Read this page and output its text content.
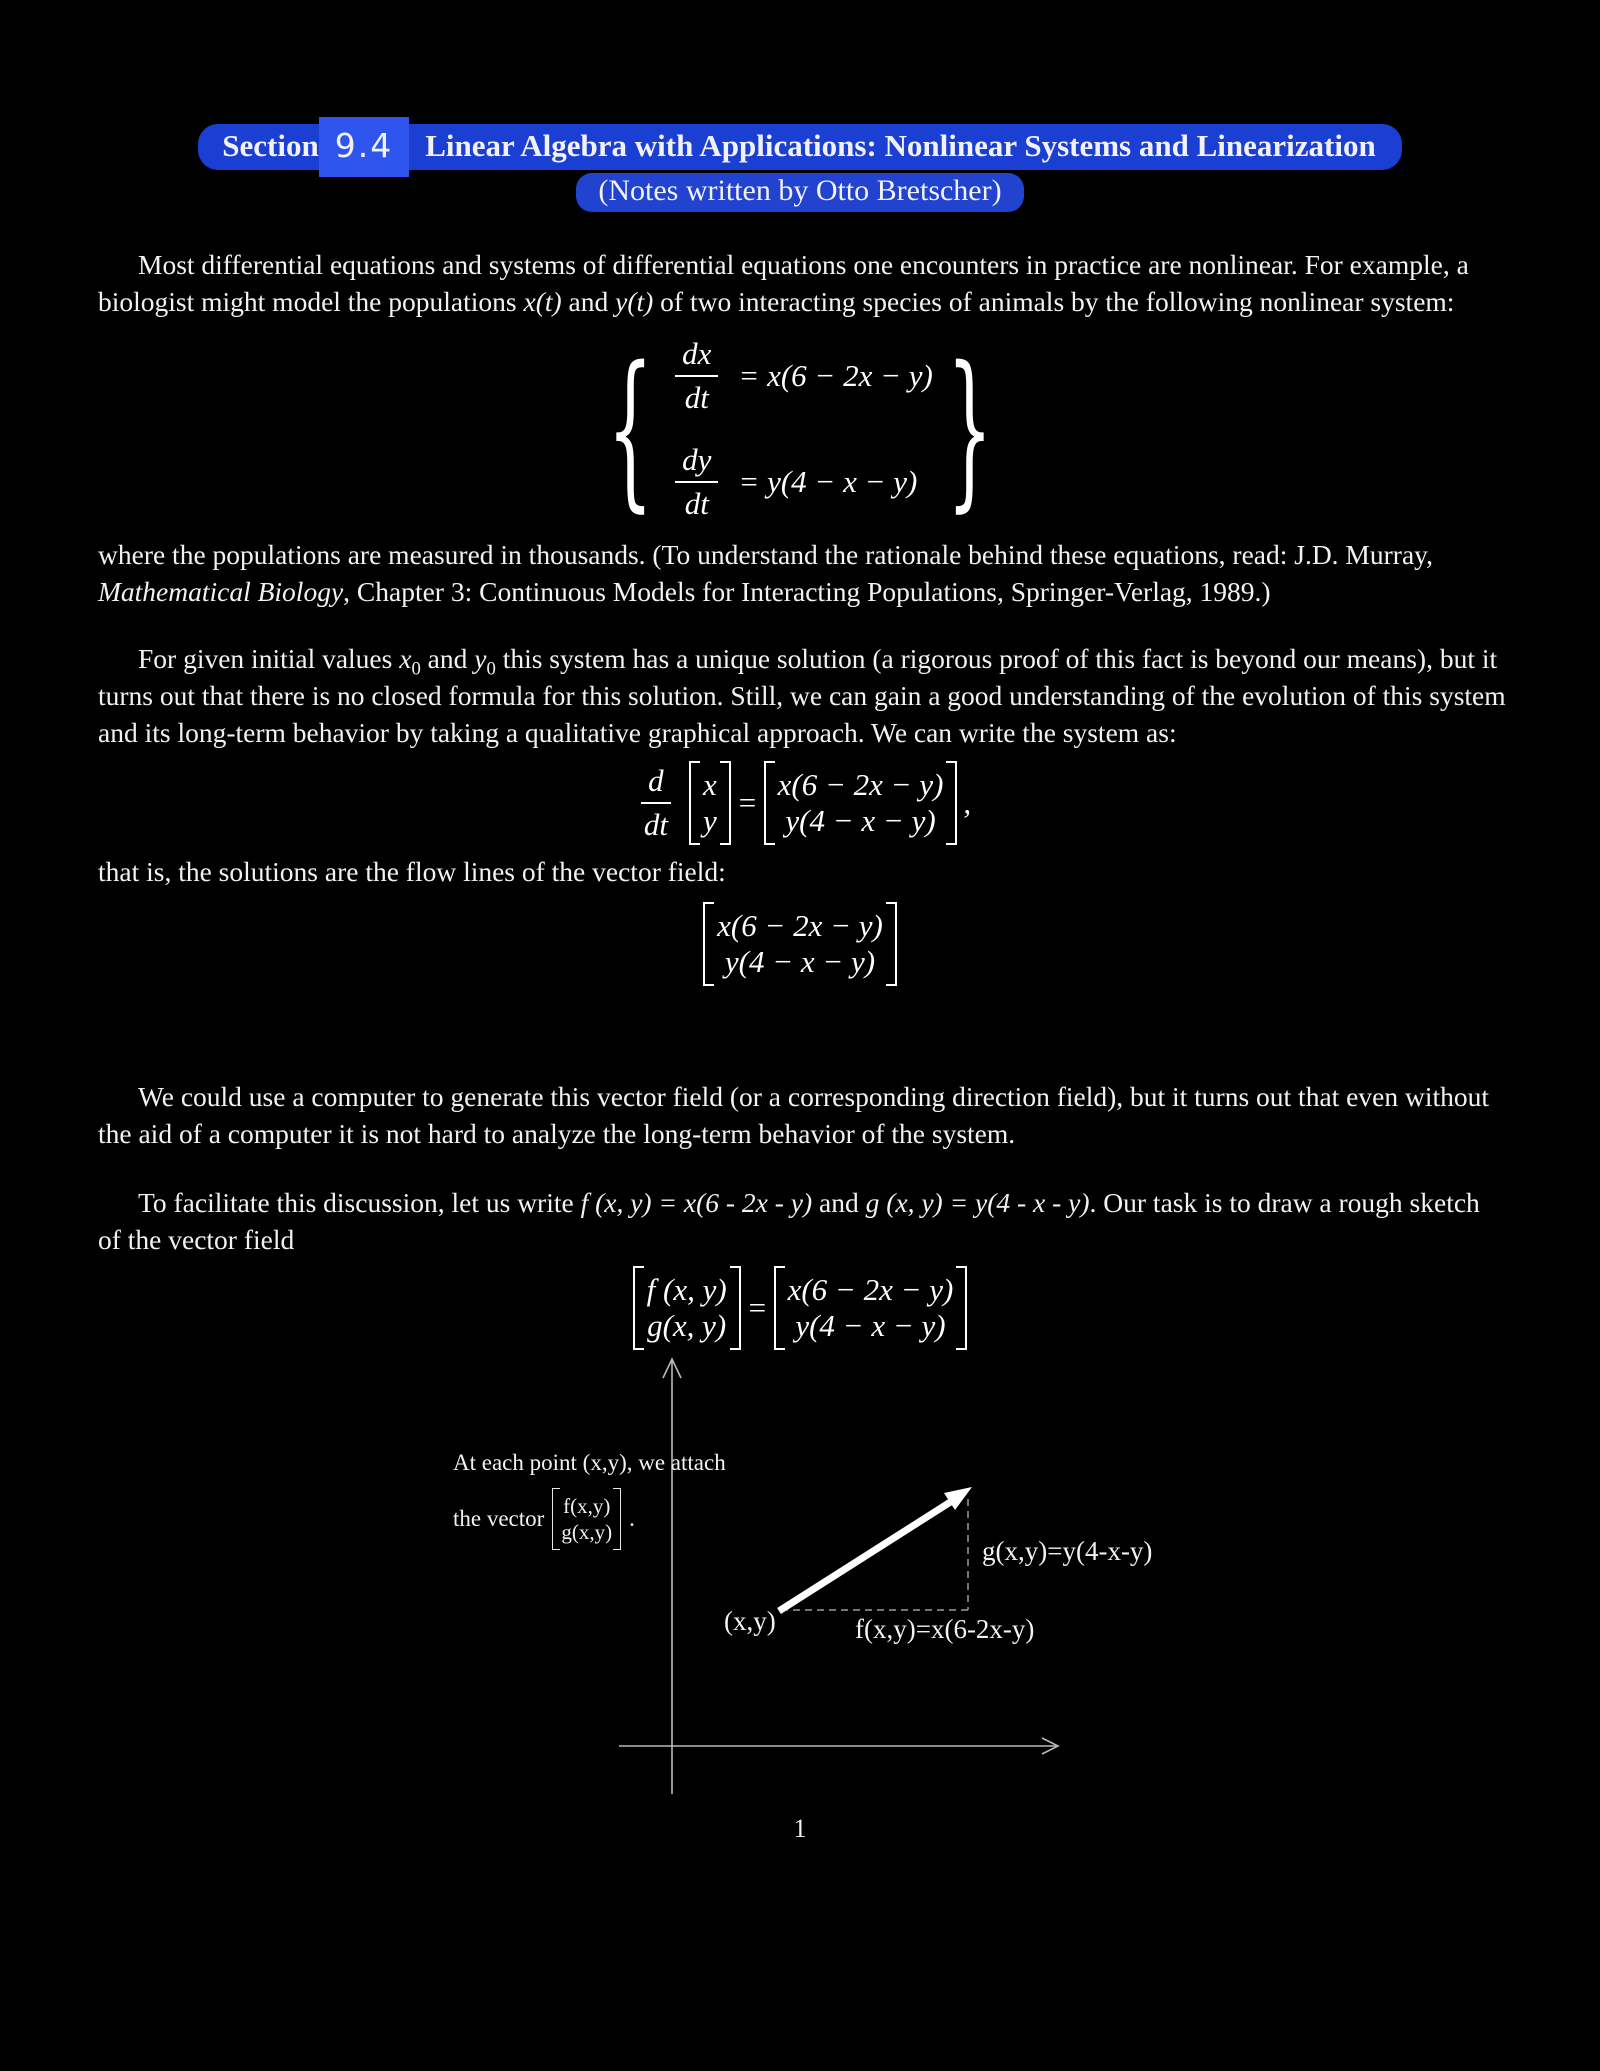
Section 9.4	Linear Algebra with Applications: Nonlinear Systems and Linearization
(Notes written by Otto Bretscher)

Most differential equations and systems of differential equations one encounters in practice are nonlinear. For example, a biologist might model the populations x(t) and y(t) of two interacting species of animals by the following nonlinear system:

{ $\frac{dx}{dt} = x(6 - 2x - y)$
$\frac{dy}{dt} = y(4 - x - y)$ }

where the populations are measured in thousands. (To understand the rationale behind these equations, read: J.D. Murray, Mathematical Biology, Chapter 3: Continuous Models for Interacting Populations, Springer-Verlag, 1989.)

For given initial values $x_0$ and $y_0$ this system has a unique solution (a rigorous proof of this fact is beyond our means), but it turns out that there is no closed formula for this solution. Still, we can gain a good understanding of the evolution of this system and its long-term behavior by taking a qualitative graphical approach. We can write the system as:

$\frac{d}{dt}$ x
y
=
x(6 − 2x − y)
y(4 − x − y)
,

that is, the solutions are the flow lines of the vector field:

x(6 − 2x − y)
y(4 − x − y)

We could use a computer to generate this vector field (or a corresponding direction field), but it turns out that even without the aid of a computer it is not hard to analyze the long-term behavior of the system.

To facilitate this discussion, let us write f (x, y) = x(6 - 2x - y) and g (x, y) = y(4 - x - y). Our task is to draw a rough sketch of the vector field

f (x, y)
g(x, y)
=
x(6 − 2x − y)
y(4 − x − y)
At each point (x,y), we attach
the vector f(x,y)
g(x,y)
.
g(x,y)=y(4-x-y)
(x,y)	f(x,y)=x(6-2x-y)
1
